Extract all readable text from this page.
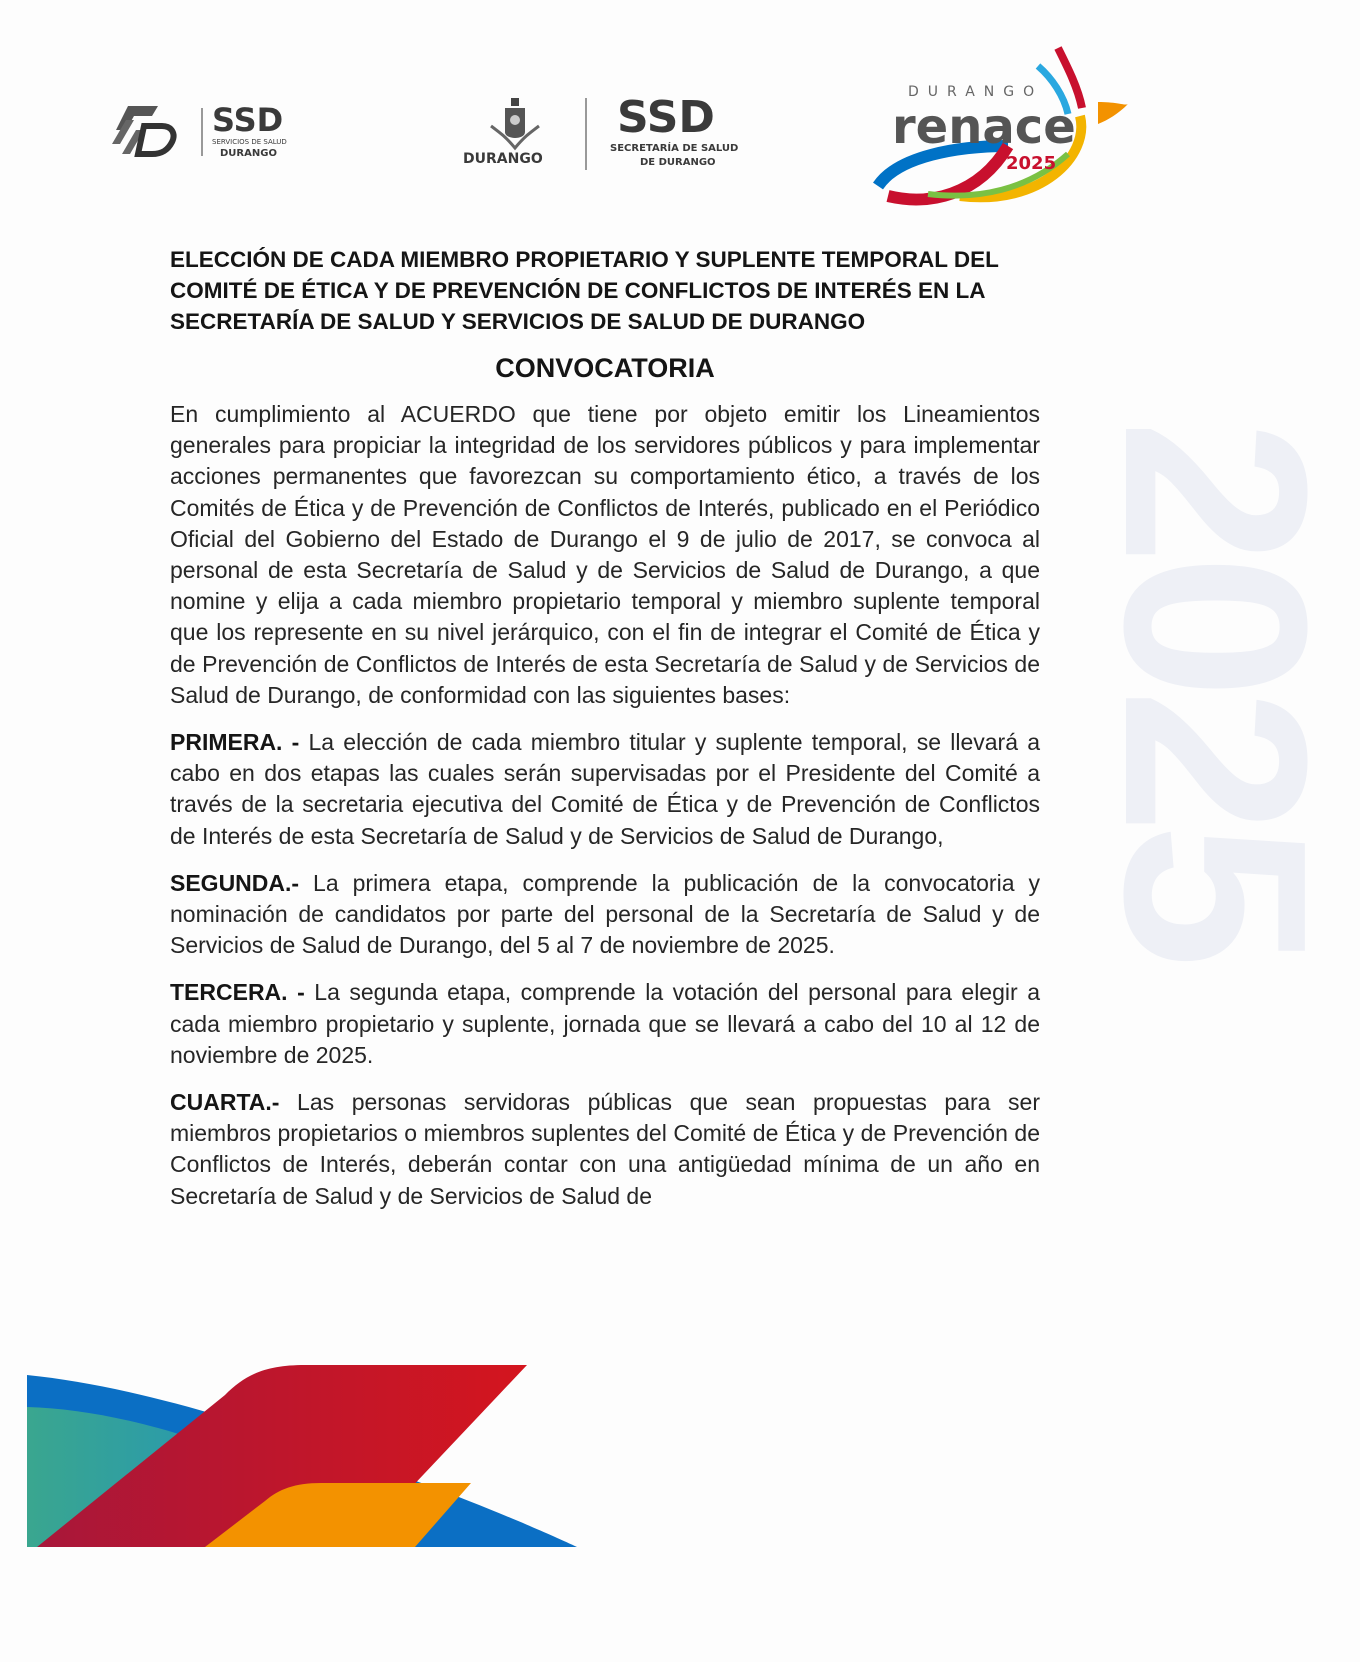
2025
SSD
SERVICIOS DE SALUD
DURANGO	DURANGO
SSD
SECRETARÍA DE SALUD
DE DURANGO
DURANGO
renace
2025
ELECCIÓN DE CADA MIEMBRO PROPIETARIO Y SUPLENTE TEMPORAL DEL COMITÉ DE ÉTICA Y DE PREVENCIÓN DE CONFLICTOS DE INTERÉS EN LA SECRETARÍA DE SALUD Y SERVICIOS DE SALUD DE DURANGO
CONVOCATORIA
En cumplimiento al ACUERDO que tiene por objeto emitir los Lineamientos generales para propiciar la integridad de los servidores públicos y para implementar acciones permanentes que favorezcan su comportamiento ético, a través de los Comités de Ética y de Prevención de Conflictos de Interés, publicado en el Periódico Oficial del Gobierno del Estado de Durango el 9 de julio de 2017, se convoca al personal de esta Secretaría de Salud y de Servicios de Salud de Durango, a que nomine y elija a cada miembro propietario temporal y miembro suplente temporal que los represente en su nivel jerárquico, con el fin de integrar el Comité de Ética y de Prevención de Conflictos de Interés de esta Secretaría de Salud y de Servicios de Salud de Durango, de conformidad con las siguientes bases:
PRIMERA. - La elección de cada miembro titular y suplente temporal, se llevará a cabo en dos etapas las cuales serán supervisadas por el Presidente del Comité a través de la secretaria ejecutiva del Comité de Ética y de Prevención de Conflictos de Interés de esta Secretaría de Salud y de Servicios de Salud de Durango,
SEGUNDA.- La primera etapa, comprende la publicación de la convocatoria y nominación de candidatos por parte del personal de la Secretaría de Salud y de Servicios de Salud de Durango, del 5 al 7 de noviembre de 2025.
TERCERA. - La segunda etapa, comprende la votación del personal para elegir a cada miembro propietario y suplente, jornada que se llevará a cabo del 10 al 12 de noviembre de 2025.
CUARTA.- Las personas servidoras públicas que sean propuestas para ser miembros propietarios o miembros suplentes del Comité de Ética y de Prevención de Conflictos de Interés, deberán contar con una antigüedad mínima de un año en Secretaría de Salud y de Servicios de Salud de
